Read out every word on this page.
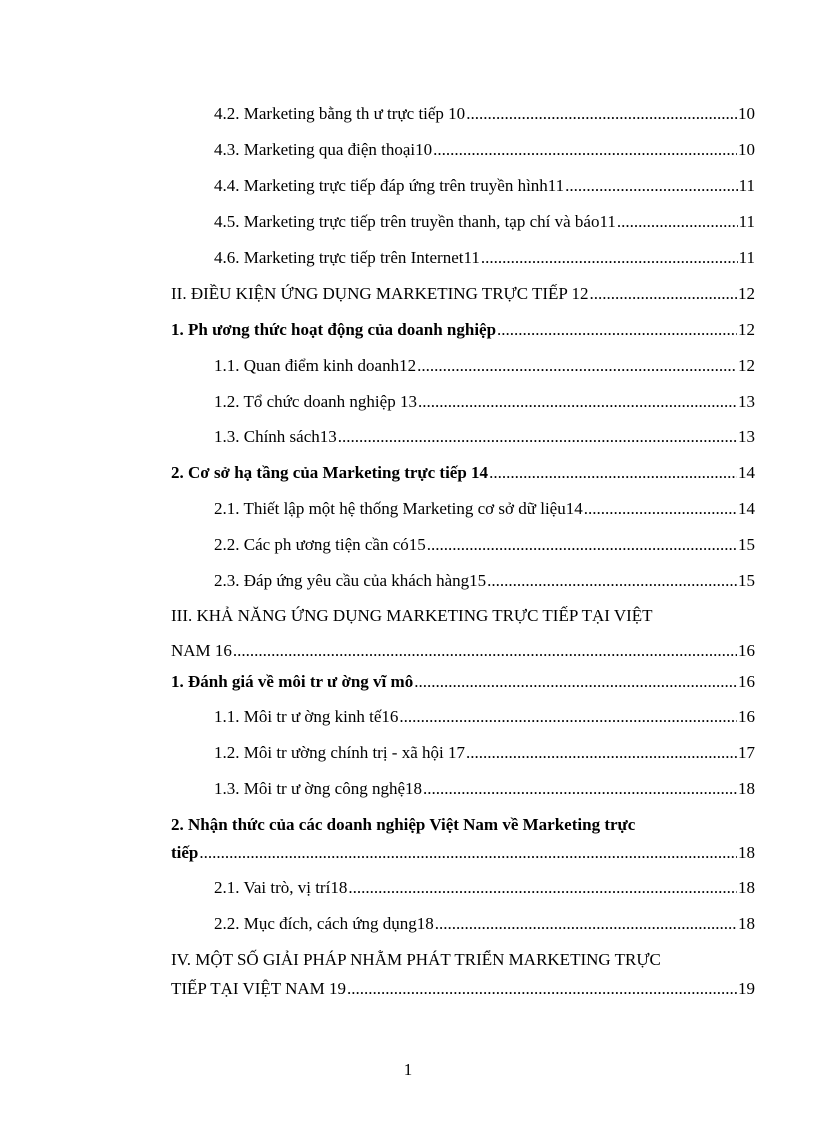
4.2. Marketing bằng th ư trực tiếp 10 .....	10
4.3. Marketing qua điện thoại10 .....	10
4.4. Marketing trực tiếp đáp ứng trên truyền hình11 .....	11
4.5. Marketing trực tiếp trên truyền thanh, tạp chí và báo11 .....	11
4.6. Marketing trực tiếp trên Internet11 .....	11
II. ĐIỀU KIỆN ỨNG DỤNG MARKETING TRỰC TIẾP 12 .....	12
1. Ph ương thức hoạt động của doanh nghiệp .....	12
1.1. Quan điểm kinh doanh12 .....	12
1.2. Tổ chức doanh nghiệp 13 .....	13
1.3. Chính sách13 .....	13
2. Cơ sở hạ tầng của Marketing trực tiếp 14 .....	14
2.1. Thiết lập một hệ thống Marketing cơ sở dữ liệu14 .....	14
2.2. Các ph ương tiện cần có15 .....	15
2.3. Đáp ứng yêu cầu của khách hàng15 .....	15
III. KHẢ NĂNG ỨNG DỤNG MARKETING TRỰC TIẾP TẠI VIỆT
NAM 16 .....	16
1. Đánh giá về môi tr ư ờng vĩ mô .....	16
1.1. Môi tr ư ờng kinh tế16 .....	16
1.2. Môi tr ường chính trị - xã hội 17 .....	17
1.3. Môi tr ư ờng công nghệ18 .....	18
2. Nhận thức của các doanh nghiệp Việt Nam về Marketing trực
tiếp .....	18
2.1. Vai trò, vị trí18 .....	18
2.2. Mục đích, cách ứng dụng18 .....	18
IV. MỘT SỐ GIẢI PHÁP NHẰM PHÁT TRIỂN MARKETING TRỰC
TIẾP TẠI VIỆT NAM 19 .....	19
1
